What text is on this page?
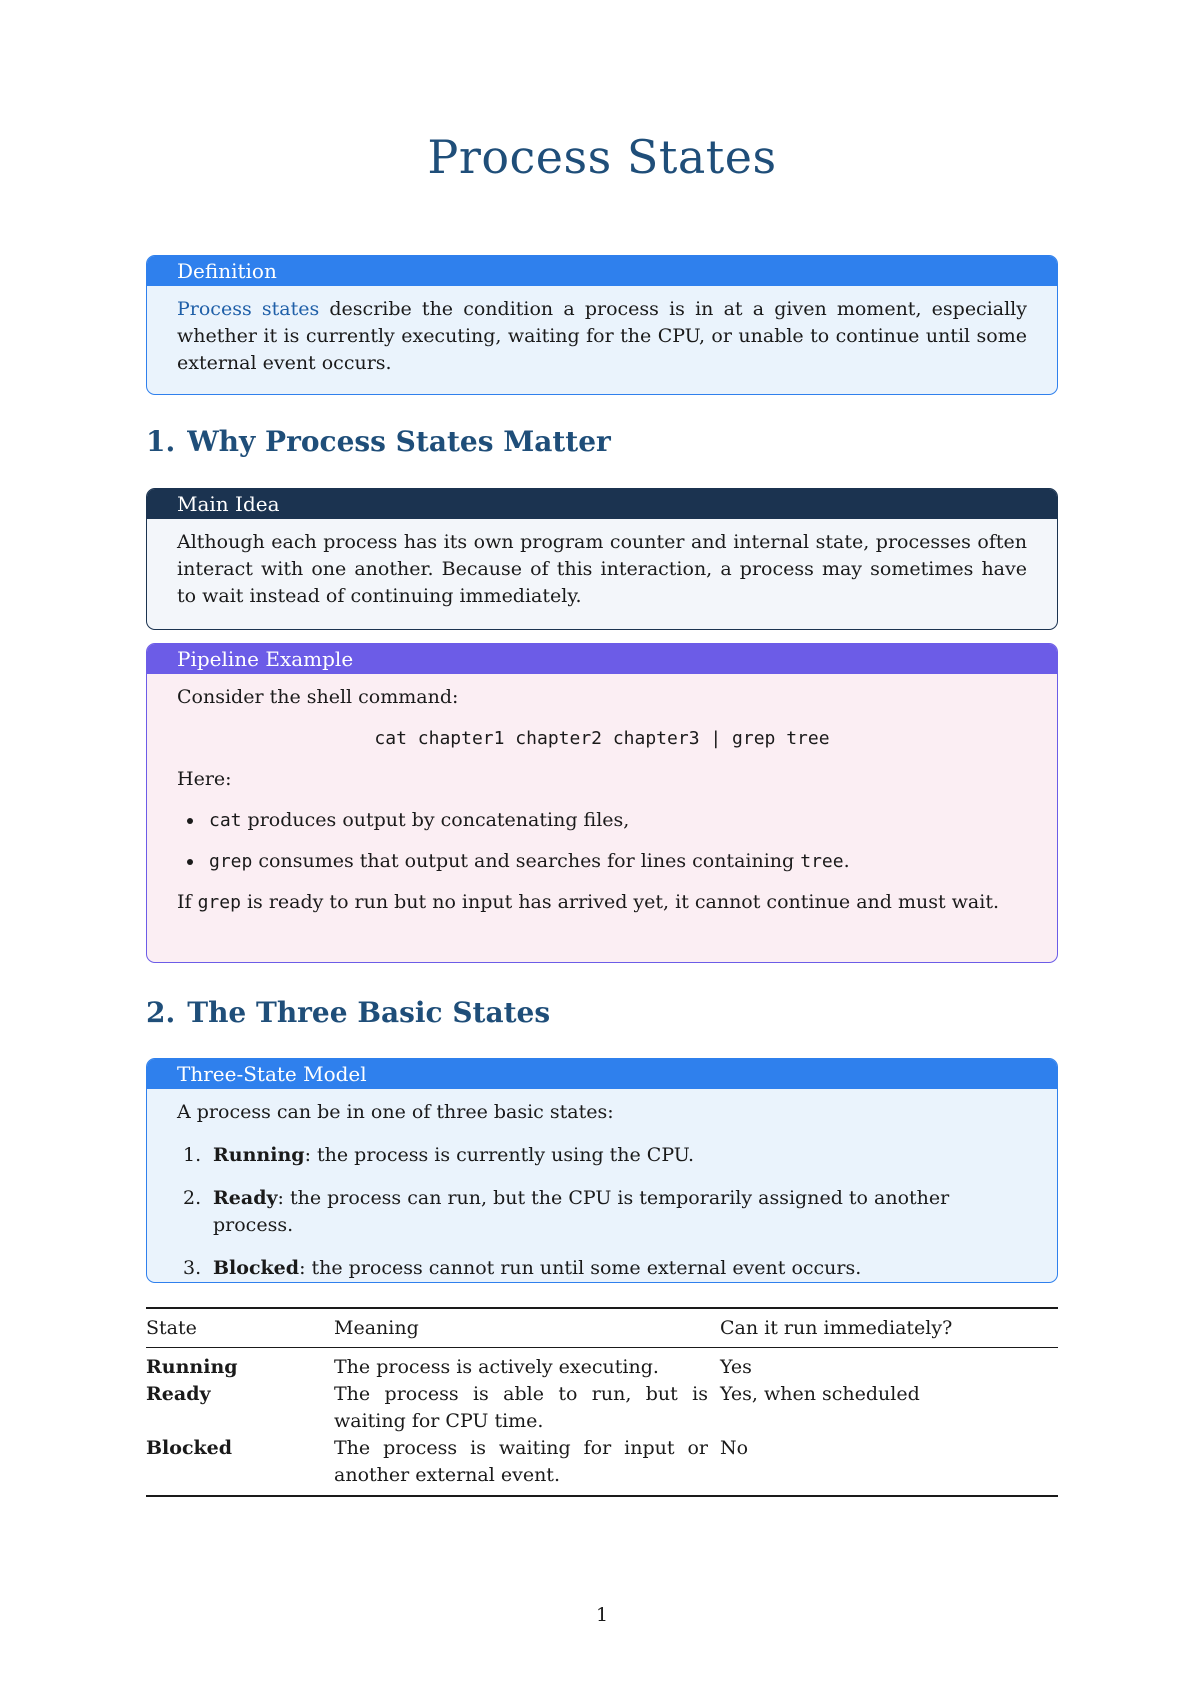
Process States
Definition
Process states describe the condition a process is in at a given moment, especially whether it is currently executing, waiting for the CPU, or unable to continue until some external event occurs.
1. Why Process States Matter
Main Idea
Although each process has its own program counter and internal state, processes often interact with one another. Because of this interaction, a process may sometimes have to wait instead of continuing immediately.
Pipeline Example
Consider the shell command:
cat chapter1 chapter2 chapter3 | grep tree
Here:
cat produces output by concatenating files,
grep consumes that output and searches for lines containing tree.
If grep is ready to run but no input has arrived yet, it cannot continue and must wait.
2. The Three Basic States
Three-State Model
A process can be in one of three basic states:
1. Running: the process is currently using the CPU.
2. Ready: the process can run, but the CPU is temporarily assigned to another process.
3. Blocked: the process cannot run until some external event occurs.
State	Meaning	Can it run immediately?
Running	The process is actively executing.	Yes
Ready	The process is able to run, but is waiting for CPU time.	Yes, when scheduled
Blocked	The process is waiting for input or another external event.	No
1
